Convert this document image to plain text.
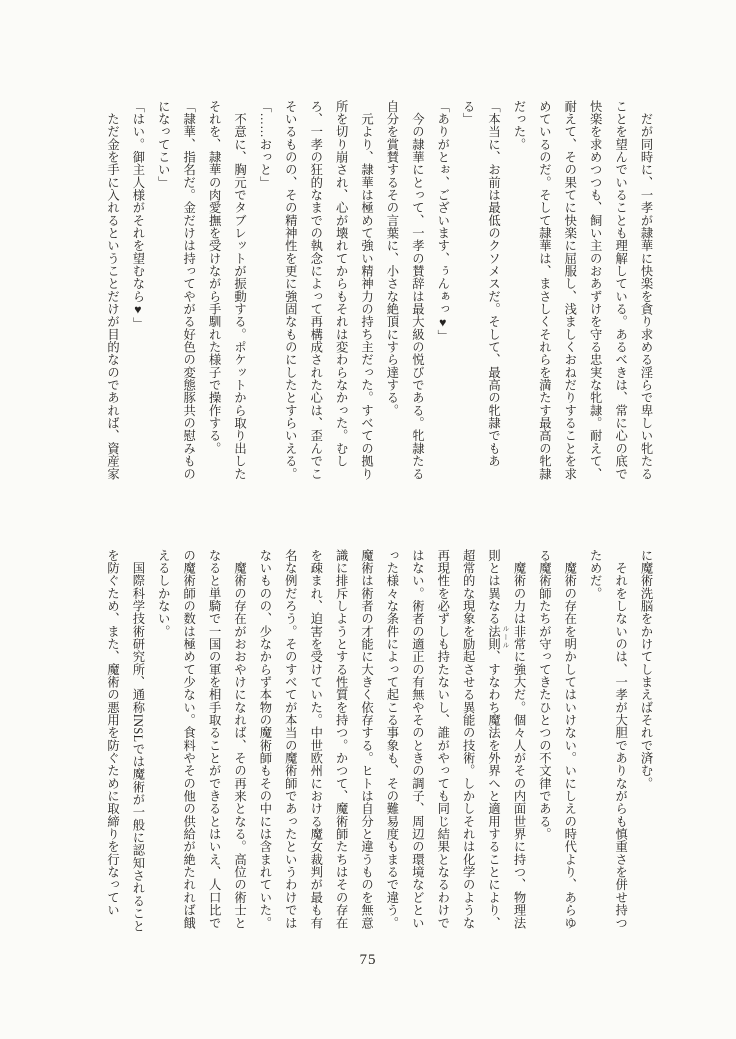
　だが同時に、一孝が隷華に快楽を貪り求める淫らで卑しい牝たる
ことを望んでいることも理解している。あるべきは、常に心の底で
快楽を求めつつも、飼い主のおあずけを守る忠実な牝隷。耐えて、
耐えて、その果てに快楽に屈服し、浅ましくおねだりすることを求
めているのだ。そして隷華は、まさしくそれらを満たす最高の牝隷
だった。
「本当に、お前は最低のクソメスだ。そして、最高の牝隷でもあ
る」
「ありがとぉ、ございます、ぅんぁっ♥」
　今の隷華にとって、一孝の賛辞は最大級の悦びである。牝隷たる
自分を賞賛するその言葉に、小さな絶頂にすら達する。
　元より、隷華は極めて強い精神力の持ち主だった。すべての拠り
所を切り崩され、心が壊れてからもそれは変わらなかった。むし
ろ、一孝の狂的なまでの執念によって再構成された心は、歪んでこ
そいるものの、その精神性を更に強固なものにしたとすらいえる。
「……おっと」
　不意に、胸元でタブレットが振動する。ポケットから取り出した
それを、隷華の肉愛撫を受けながら手馴れた様子で操作する。
「隷華、指名だ。金だけは持ってやがる好色の変態豚共の慰みもの
になってこい」
「はい。御主人様がそれを望むなら♥」
　ただ金を手に入れるということだけが目的なのであれば、資産家
に魔術洗脳をかけてしまえばそれで済む。
　それをしないのは、一孝が大胆でありながらも慎重さを併せ持つ
ためだ。
　魔術の存在を明かしてはいけない。いにしえの時代より、あらゆ
る魔術師たちが守ってきたひとつの不文律である。
　魔術の力は非常に強大だ。個々人がその内面世界に持つ、物理法
則とは異なる法則、すなわち魔法を外界へと適用することにより、
超常的な現象を励起させる異能の技術。しかしそれは化学のような
再現性を必ずしも持たないし、誰がやっても同じ結果となるわけで
はない。術者の適正の有無やそのときの調子、周辺の環境などとい
った様々な条件によって起こる事象も、その難易度もまるで違う。
魔術は術者の才能に大きく依存する。ヒトは自分と違うものを無意
識に排斥しようとする性質を持つ。かつて、魔術師たちはその存在
を疎まれ、迫害を受けていた。中世欧州における魔女裁判が最も有
名な例だろう。そのすべてが本当の魔術師であったというわけでは
ないものの、少なからず本物の魔術師もその中には含まれていた。
　魔術の存在がおおやけになれば、その再来となる。高位の術士と
なると単騎で一国の軍を相手取ることができるとはいえ、人口比で
の魔術師の数は極めて少ない。食料やその他の供給が絶たれれば餓
えるしかない。
　国際科学技術研究所、通称INSLでは魔術が一般に認知されること
を防ぐため、また、魔術の悪用を防ぐために取締りを行なってい	ルール
75
